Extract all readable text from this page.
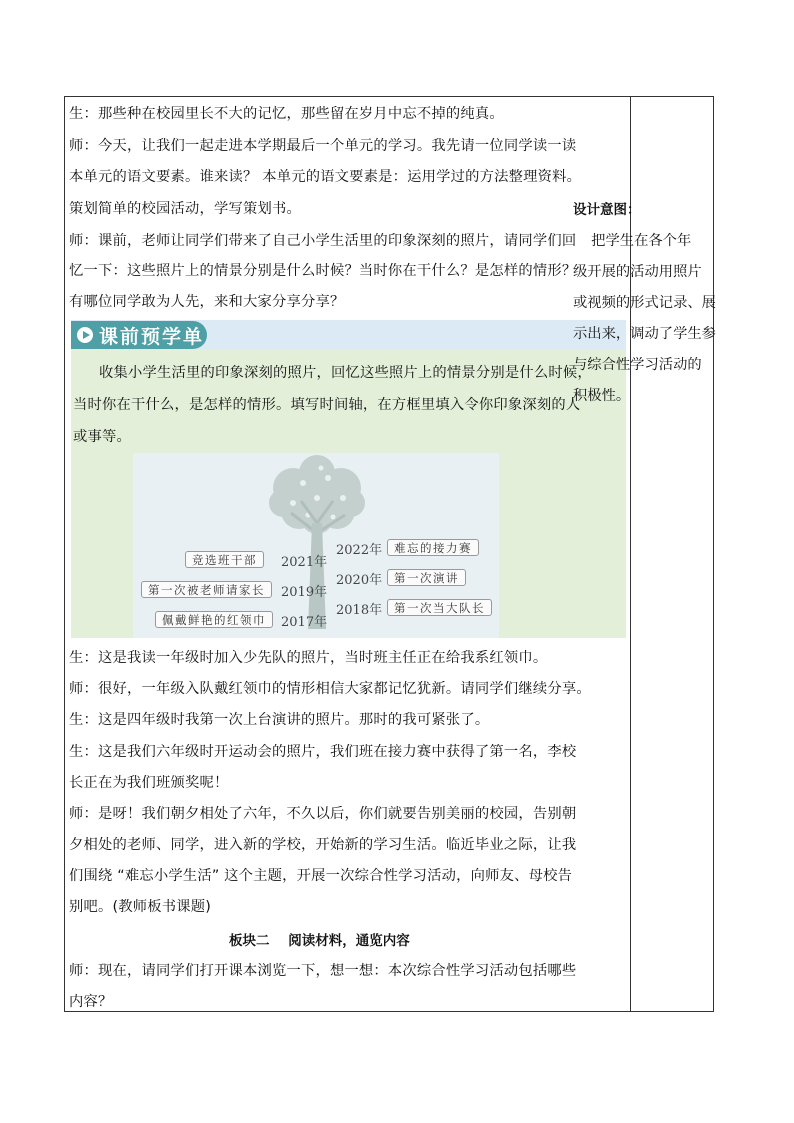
生：那些种在校园里长不大的记忆，那些留在岁月中忘不掉的纯真。
师：今天，让我们一起走进本学期最后一个单元的学习。我先请一位同学读一读
本单元的语文要素。谁来读？ 本单元的语文要素是：运用学过的方法整理资料。
策划简单的校园活动，学写策划书。
师：课前，老师让同学们带来了自己小学生活里的印象深刻的照片，请同学们回
忆一下：这些照片上的情景分别是什么时候？当时你在干什么？是怎样的情形？
有哪位同学敢为人先，来和大家分享分享？
课前预学单
收集小学生活里的印象深刻的照片，回忆这些照片上的情景分别是什么时候，
当时你在干什么，是怎样的情形。填写时间轴，在方框里填入令你印象深刻的人
或事等。
2021年
2019年
2017年
2022年
2020年
2018年
竞选班干部
第一次被老师请家长
佩戴鲜艳的红领巾
难忘的接力赛
第一次演讲
第一次当大队长
生：这是我读一年级时加入少先队的照片，当时班主任正在给我系红领巾。
师：很好，一年级入队戴红领巾的情形相信大家都记忆犹新。请同学们继续分享。
生：这是四年级时我第一次上台演讲的照片。那时的我可紧张了。
生：这是我们六年级时开运动会的照片，我们班在接力赛中获得了第一名，李校
长正在为我们班颁奖呢！
师：是呀！我们朝夕相处了六年，不久以后，你们就要告别美丽的校园，告别朝
夕相处的老师、同学，进入新的学校，开始新的学习生活。临近毕业之际，让我
们围绕 “难忘小学生活” 这个主题，开展一次综合性学习活动，向师友、母校告
别吧。(教师板书课题)
板块二    阅读材料，通览内容
师：现在，请同学们打开课本浏览一下，想一想：本次综合性学习活动包括哪些
内容？
设计意图：
把学生在各个年
级开展的活动用照片
或视频的形式记录、展
示出来，调动了学生参
与综合性学习活动的
积极性。
